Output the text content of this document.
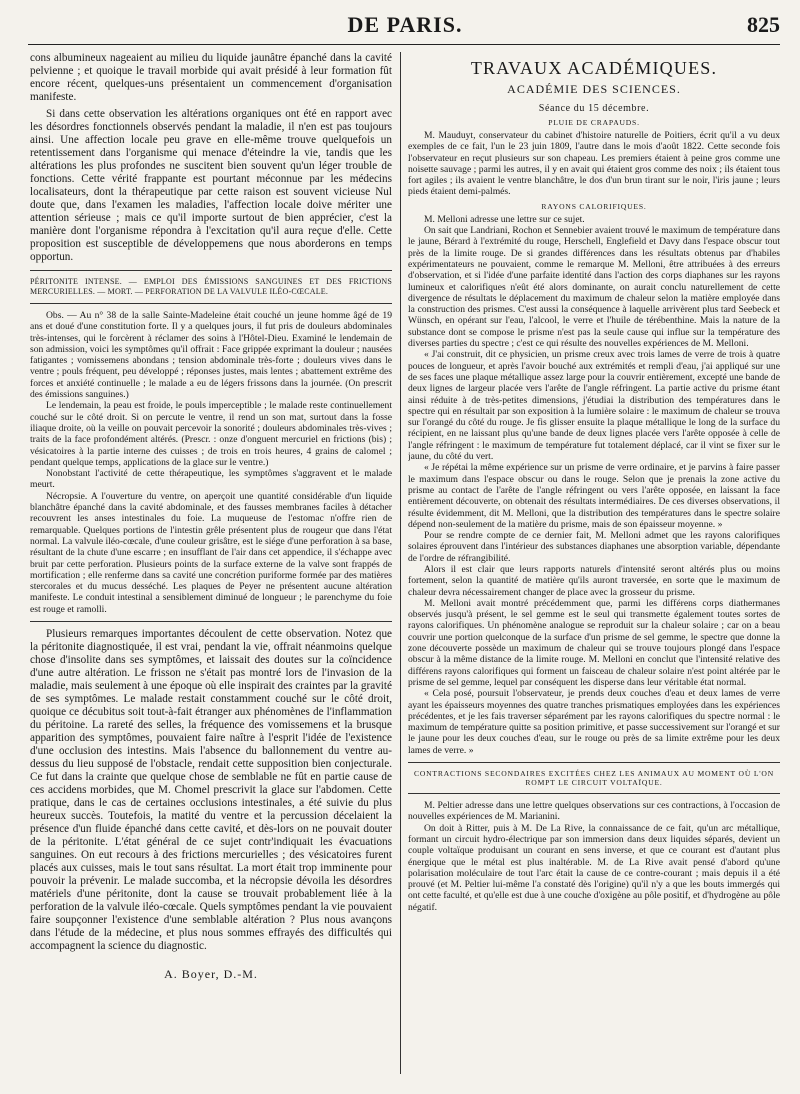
DE PARIS.	825

cons albumineux nageaient au milieu du liquide jaunâtre épanché dans la cavité pelvienne ; et quoique le travail morbide qui avait présidé à leur formation fût encore récent, quelques-uns présentaient un commencement d'organisation manifeste.

Si dans cette observation les altérations organiques ont été en rapport avec les désordres fonctionnels observés pendant la maladie, il n'en est pas toujours ainsi. Une affection locale peu grave en elle-même trouve quelquefois un retentissement dans l'organisme qui menace d'éteindre la vie, tandis que les altérations les plus profondes ne suscitent bien souvent qu'un léger trouble de fonctions. Cette vérité frappante est pourtant méconnue par les médecins localisateurs, dont la thérapeutique par cette raison est souvent vicieuse Nul doute que, dans l'examen les maladies, l'affection locale doive mériter une attention sérieuse ; mais ce qu'il importe surtout de bien apprécier, c'est la manière dont l'organisme répondra à l'excitation qu'il aura reçue d'elle. Cette proposition est susceptible de développemens que nous aborderons en temps opportun.

PÉRITONITE INTENSE. — EMPLOI DES ÉMISSIONS SANGUINES ET DES FRICTIONS MERCURIELLES. — MORT. — PERFORATION DE LA VALVULE ILÉO-CŒCALE.

Obs. — Au n° 38 de la salle Sainte-Madeleine était couché un jeune homme âgé de 19 ans et doué d'une constitution forte. Il y a quelques jours, il fut pris de douleurs abdominales très-intenses, qui le forcèrent à réclamer des soins à l'Hôtel-Dieu. Examiné le lendemain de son admission, voici les symptômes qu'il offrait : Face grippée exprimant la douleur ; nausées fatigantes ; vomissemens abondans ; tension abdominale très-forte ; douleurs vives dans le ventre ; pouls fréquent, peu développé ; réponses justes, mais lentes ; abattement extrême des forces et anxiété continuelle ; le malade a eu de légers frissons dans la journée. (On prescrit des émissions sanguines.)

Le lendemain, la peau est froide, le pouls imperceptible ; le malade reste continuellement couché sur le côté droit. Si on percute le ventre, il rend un son mat, surtout dans la fosse iliaque droite, où la veille on pouvait percevoir la sonorité ; douleurs abdominales très-vives ; traits de la face profondément altérés. (Prescr. : onze d'onguent mercuriel en frictions (bis) ; vésicatoires à la partie interne des cuisses ; de trois en trois heures, 4 grains de calomel ; pendant quelque temps, applications de la glace sur le ventre.)

Nonobstant l'activité de cette thérapeutique, les symptômes s'aggravent et le malade meurt.

Nécropsie. A l'ouverture du ventre, on aperçoit une quantité considérable d'un liquide blanchâtre épanché dans la cavité abdominale, et des fausses membranes faciles à détacher recouvrent les anses intestinales du foie. La muqueuse de l'estomac n'offre rien de remarquable. Quelques portions de l'intestin grêle présentent plus de rougeur que dans l'état normal. La valvule iléo-cœcale, d'une couleur grisâtre, est le siége d'une perforation à sa base, résultant de la chute d'une escarre ; en insufflant de l'air dans cet appendice, il s'échappe avec bruit par cette perforation. Plusieurs points de la surface externe de la valve sont frappés de mortification ; elle renferme dans sa cavité une concrétion puriforme formée par des matières stercorales et du mucus desséché. Les plaques de Peyer ne présentent aucune altération manifeste. Le conduit intestinal a sensiblement diminué de longueur ; le parenchyme du foie est rouge et ramolli.

Plusieurs remarques importantes découlent de cette observation. Notez que la péritonite diagnostiquée, il est vrai, pendant la vie, offrait néanmoins quelque chose d'insolite dans ses symptômes, et laissait des doutes sur la coïncidence d'une autre altération. Le frisson ne s'était pas montré lors de l'invasion de la maladie, mais seulement à une époque où elle inspirait des craintes par la gravité de ses symptômes. Le malade restait constamment couché sur le côté droit, quoique ce décubitus soit tout-à-fait étranger aux phénomènes de l'inflammation du péritoine. La rareté des selles, la fréquence des vomissemens et la brusque apparition des symptômes, pouvaient faire naître à l'esprit l'idée de l'existence d'une occlusion des intestins. Mais l'absence du ballonnement du ventre au-dessus du lieu supposé de l'obstacle, rendait cette supposition bien conjecturale. Ce fut dans la crainte que quelque chose de semblable ne fût en partie cause de ces accidens morbides, que M. Chomel prescrivit la glace sur l'abdomen. Cette pratique, dans le cas de certaines occlusions intestinales, a été suivie du plus heureux succès. Toutefois, la matité du ventre et la percussion décelaient la présence d'un fluide épanché dans cette cavité, et dès-lors on ne pouvait douter de la péritonite. L'état général de ce sujet contr'indiquait les évacuations sanguines. On eut recours à des frictions mercurielles ; des vésicatoires furent placés aux cuisses, mais le tout sans résultat. La mort était trop imminente pour pouvoir la prévenir. Le malade succomba, et la nécropsie dévoila les désordres matériels d'une péritonite, dont la cause se trouvait probablement liée à la perforation de la valvule iléo-cœcale. Quels symptômes pendant la vie pouvaient faire soupçonner l'existence d'une semblable altération ? Plus nous avançons dans l'étude de la médecine, et plus nous sommes effrayés des difficultés qui accompagnent la science du diagnostic.

A. Boyer, D.-M.
TRAVAUX ACADÉMIQUES.
ACADÉMIE DES SCIENCES.
Séance du 15 décembre.
PLUIE DE CRAPAUDS.

M. Mauduyt, conservateur du cabinet d'histoire naturelle de Poitiers, écrit qu'il a vu deux exemples de ce fait, l'un le 23 juin 1809, l'autre dans le mois d'août 1822. Cette seconde fois l'observateur en reçut plusieurs sur son chapeau. Les premiers étaient à peine gros comme une noisette sauvage ; parmi les autres, il y en avait qui étaient gros comme des noix ; ils étaient tous fort agiles ; ils avaient le ventre blanchâtre, le dos d'un brun tirant sur le noir, l'iris jaune ; leurs pieds étaient demi-palmés.

RAYONS CALORIFIQUES.

M. Melloni adresse une lettre sur ce sujet.

On sait que Landriani, Rochon et Sennebier avaient trouvé le maximum de température dans le jaune, Bérard à l'extrémité du rouge, Herschell, Englefield et Davy dans l'espace obscur tout près de la limite rouge. De si grandes différences dans les résultats obtenus par d'habiles expérimentateurs ne pouvaient, comme le remarque M. Melloni, être attribuées à des erreurs d'observation, et si l'idée d'une parfaite identité dans l'action des corps diaphanes sur les rayons lumineux et calorifiques n'eût été alors dominante, on aurait conclu naturellement de cette divergence de résultats le déplacement du maximum de chaleur selon la matière employée dans la construction des prismes. C'est aussi la conséquence à laquelle arrivèrent plus tard Seebeck et Wünsch, en opérant sur l'eau, l'alcool, le verre et l'huile de térébenthine. Mais la nature de la substance dont se compose le prisme n'est pas la seule cause qui influe sur la température des diverses parties du spectre ; c'est ce qui résulte des nouvelles expériences de M. Melloni.

« J'ai construit, dit ce physicien, un prisme creux avec trois lames de verre de trois à quatre pouces de longueur, et après l'avoir bouché aux extrémités et rempli d'eau, j'ai appliqué sur une de ses faces une plaque métallique assez large pour la couvrir entièrement, excepté une bande de deux lignes de largeur placée vers l'arête de l'angle réfringent. La partie active du prisme étant ainsi réduite à de très-petites dimensions, j'étudiai la distribution des températures dans le spectre qui en résultait par son exposition à la lumière solaire : le maximum de chaleur se trouva sur l'orangé du côté du rouge. Je fis glisser ensuite la plaque métallique le long de la surface du récipient, en ne laissant plus qu'une bande de deux lignes placée vers l'arête opposée à celle de l'angle réfringent : le maximum de température fut totalement déplacé, car il vint se fixer sur le jaune, du côté du vert.

« Je répétai la même expérience sur un prisme de verre ordinaire, et je parvins à faire passer le maximum dans l'espace obscur ou dans le rouge. Selon que je prenais la zone active du prisme au contact de l'arête de l'angle réfringent ou vers l'arête opposée, en laissant la face entièrement découverte, on obtenait des résultats intermédiaires. De ces diverses observations, il résulte évidemment, dit M. Melloni, que la distribution des températures dans le spectre solaire dépend non-seulement de la matière du prisme, mais de son épaisseur moyenne. »

Pour se rendre compte de ce dernier fait, M. Melloni admet que les rayons calorifiques solaires éprouvent dans l'intérieur des substances diaphanes une absorption variable, dépendante de l'ordre de réfrangibilité.

Alors il est clair que leurs rapports naturels d'intensité seront altérés plus ou moins fortement, selon la quantité de matière qu'ils auront traversée, en sorte que le maximum de chaleur devra nécessairement changer de place avec la grosseur du prisme.

M. Melloni avait montré précédemment que, parmi les différens corps diathermanes observés jusqu'à présent, le sel gemme est le seul qui transmette également toutes sortes de rayons calorifiques. Un phénomène analogue se reproduit sur la chaleur solaire ; car on a beau couvrir une portion quelconque de la surface d'un prisme de sel gemme, le spectre que donne la zone découverte possède un maximum de chaleur qui se trouve toujours plongé dans l'espace obscur à la même distance de la limite rouge. M. Melloni en conclut que l'intensité relative des différens rayons calorifiques qui forment un faisceau de chaleur solaire n'est point altérée par le prisme de sel gemme, lequel par conséquent les disperse dans leur véritable état normal.

« Cela posé, poursuit l'observateur, je prends deux couches d'eau et deux lames de verre ayant les épaisseurs moyennes des quatre tranches prismatiques employées dans les expériences précédentes, et je les fais traverser séparément par les rayons calorifiques du spectre normal : le maximum de température quitte sa position primitive, et passe successivement sur l'orangé et sur le jaune pour les deux couches d'eau, sur le rouge ou près de sa limite extrême pour les deux lames de verre. »

CONTRACTIONS SECONDAIRES EXCITÉES CHEZ LES ANIMAUX AU MOMENT OÙ L'ON ROMPT LE CIRCUIT VOLTAÏQUE.

M. Peltier adresse dans une lettre quelques observations sur ces contractions, à l'occasion de nouvelles expériences de M. Marianini.

On doit à Ritter, puis à M. De La Rive, la connaissance de ce fait, qu'un arc métallique, formant un circuit hydro-électrique par son immersion dans deux liquides séparés, devient un couple voltaïque produisant un courant en sens inverse, et que ce courant est d'autant plus énergique que le métal est plus inaltérable. M. de La Rive avait pensé d'abord qu'une polarisation moléculaire de tout l'arc était la cause de ce contre-courant ; mais depuis il a été prouvé (et M. Peltier lui-même l'a constaté dès l'origine) qu'il n'y a que les bouts immergés qui ont cette faculté, et qu'elle est due à une couche d'oxigène au pôle positif, et d'hydrogène au pôle négatif.
